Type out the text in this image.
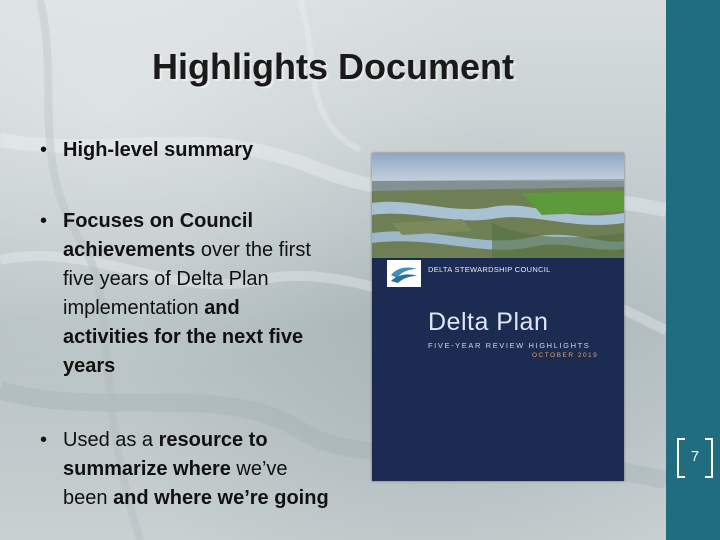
Highlights Document
• High-level summary
• Focuses on Council achievements over the first five years of Delta Plan implementation and activities for the next five years
• Used as a resource to summarize where we’ve been and where we’re going
DELTA STEWARDSHIP COUNCIL
Delta Plan
FIVE-YEAR REVIEW HIGHLIGHTS
OCTOBER 2019
7
